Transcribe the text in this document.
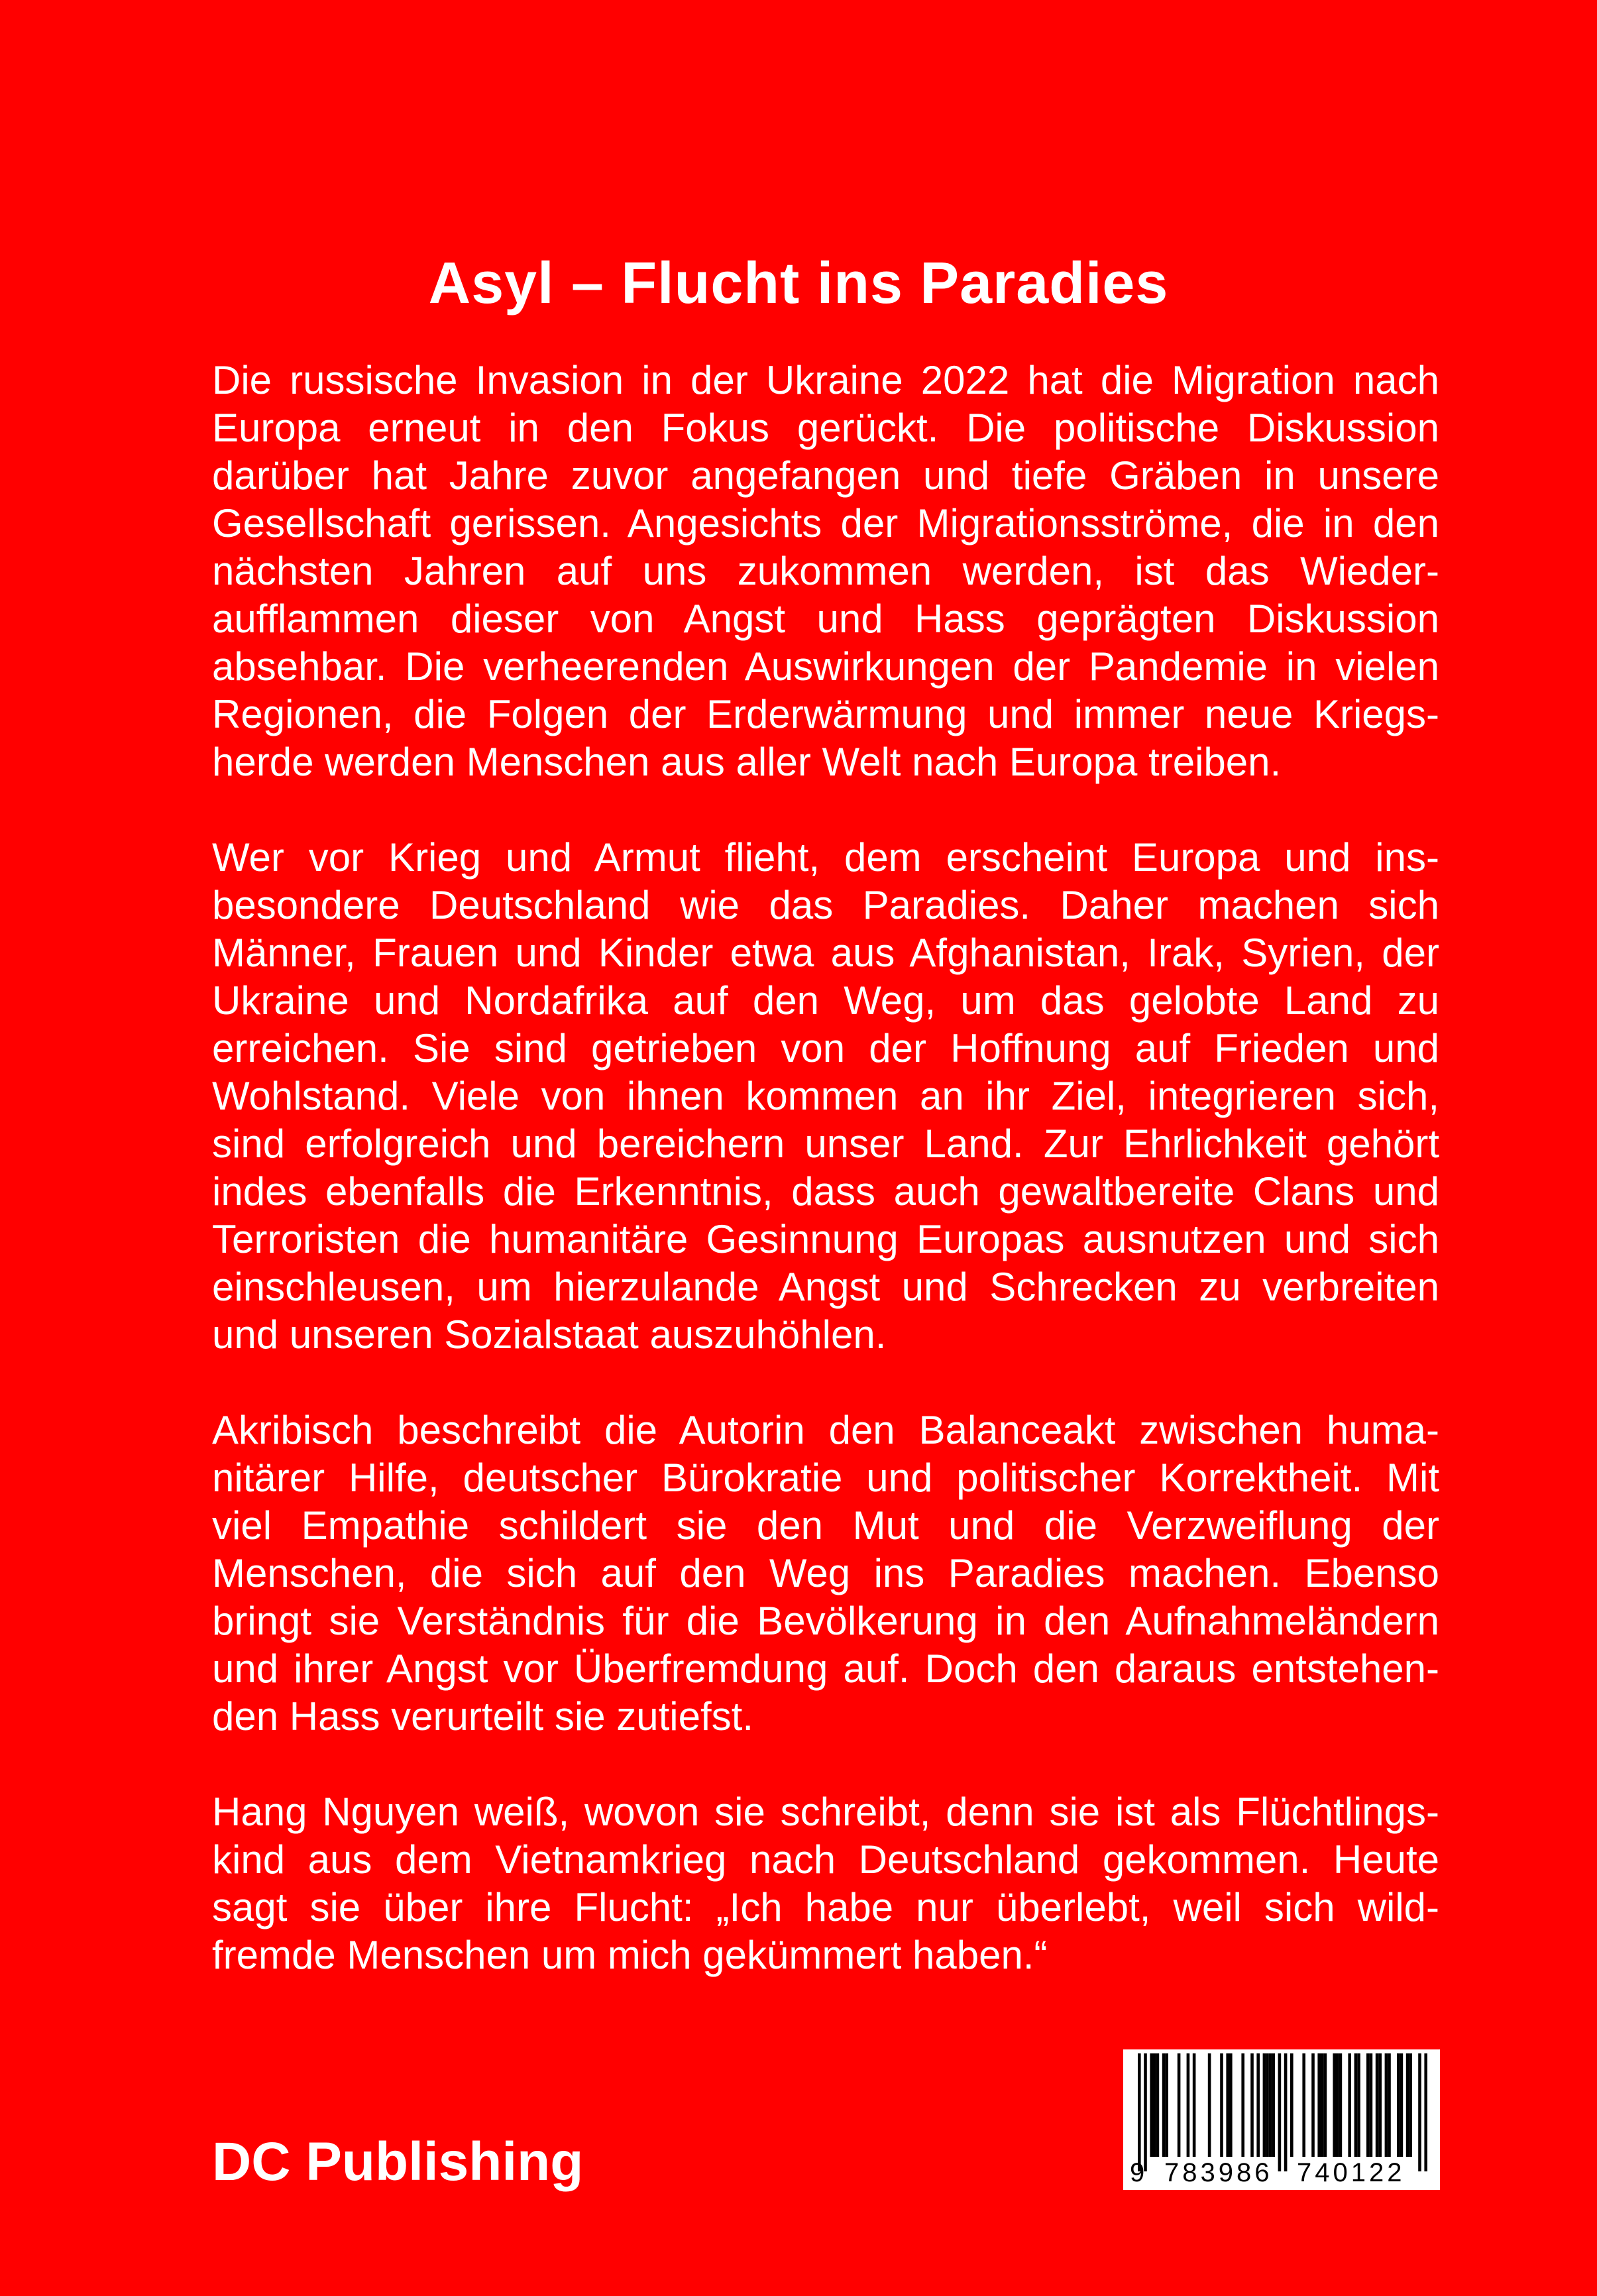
Asyl – Flucht ins Paradies

Die russische Invasion in der Ukraine 2022 hat die Migration nach
Europa erneut in den Fokus gerückt. Die politische Diskussion
darüber hat Jahre zuvor angefangen und tiefe Gräben in unsere
Gesellschaft gerissen. Angesichts der Migrationsströme, die in den
nächsten Jahren auf uns zukommen werden, ist das Wieder-
aufflammen dieser von Angst und Hass geprägten Diskussion
absehbar. Die verheerenden Auswirkungen der Pandemie in vielen
Regionen, die Folgen der Erderwärmung und immer neue Kriegs-
herde werden Menschen aus aller Welt nach Europa treiben.

Wer vor Krieg und Armut flieht, dem erscheint Europa und ins-
besondere Deutschland wie das Paradies. Daher machen sich
Männer, Frauen und Kinder etwa aus Afghanistan, Irak, Syrien, der
Ukraine und Nordafrika auf den Weg, um das gelobte Land zu
erreichen. Sie sind getrieben von der Hoffnung auf Frieden und
Wohlstand. Viele von ihnen kommen an ihr Ziel, integrieren sich,
sind erfolgreich und bereichern unser Land. Zur Ehrlichkeit gehört
indes ebenfalls die Erkenntnis, dass auch gewaltbereite Clans und
Terroristen die humanitäre Gesinnung Europas ausnutzen und sich
einschleusen, um hierzulande Angst und Schrecken zu verbreiten
und unseren Sozialstaat auszuhöhlen.

Akribisch beschreibt die Autorin den Balanceakt zwischen huma-
nitärer Hilfe, deutscher Bürokratie und politischer Korrektheit. Mit
viel Empathie schildert sie den Mut und die Verzweiflung der
Menschen, die sich auf den Weg ins Paradies machen. Ebenso
bringt sie Verständnis für die Bevölkerung in den Aufnahmeländern
und ihrer Angst vor Überfremdung auf. Doch den daraus entstehen-
den Hass verurteilt sie zutiefst.

Hang Nguyen weiß, wovon sie schreibt, denn sie ist als Flüchtlings-
kind aus dem Vietnamkrieg nach Deutschland gekommen. Heute
sagt sie über ihre Flucht: „Ich habe nur überlebt, weil sich wild-
fremde Menschen um mich gekümmert haben.“

DC Publishing	9 783986 740122
